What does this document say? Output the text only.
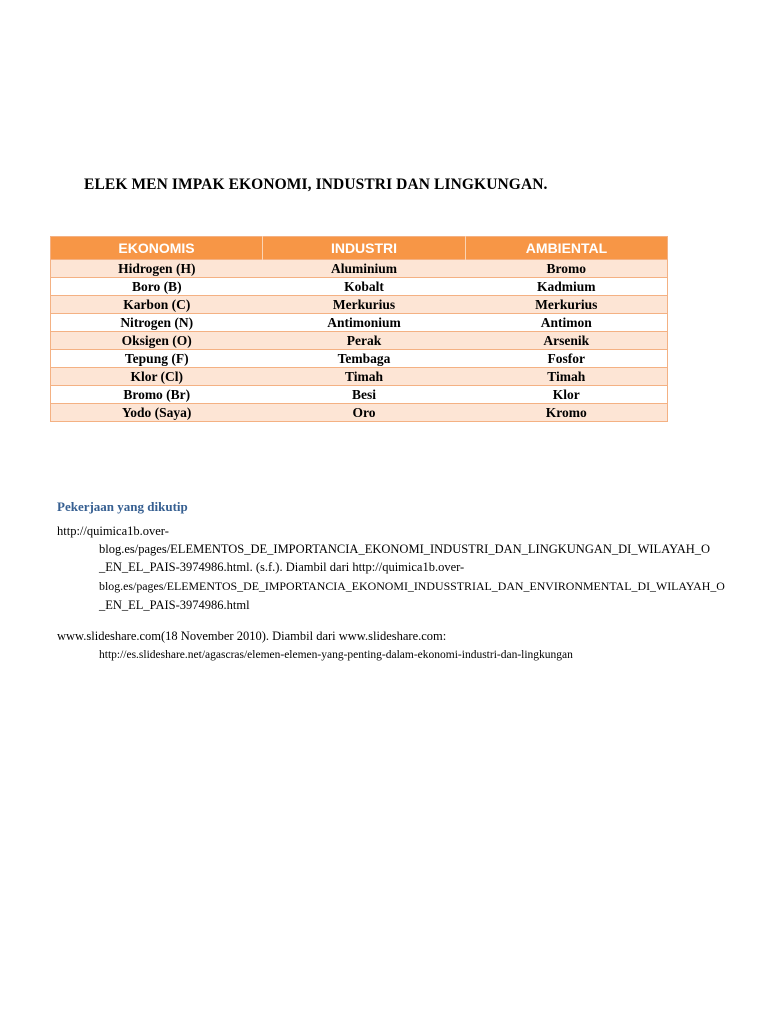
ELEK MEN IMPAK EKONOMI, INDUSTRI DAN LINGKUNGAN.
EKONOMIS	INDUSTRI	AMBIENTAL
Hidrogen (H)	Aluminium	Bromo
Boro (B)	Kobalt	Kadmium
Karbon (C)	Merkurius	Merkurius
Nitrogen (N)	Antimonium	Antimon
Oksigen (O)	Perak	Arsenik
Tepung (F)	Tembaga	Fosfor
Klor (Cl)	Timah	Timah
Bromo (Br)	Besi	Klor
Yodo (Saya)	Oro	Kromo
Pekerjaan yang dikutip
http://quimica1b.over-
blog.es/pages/ELEMENTOS_DE_IMPORTANCIA_EKONOMI_INDUSTRI_DAN_LINGKUNGAN_DI_WILAYAH_O
_EN_EL_PAIS-3974986.html. (s.f.). Diambil dari http://quimica1b.over-
blog.es/pages/ELEMENTOS_DE_IMPORTANCIA_EKONOMI_INDUSSTRIAL_DAN_ENVIRONMENTAL_DI_WILAYAH_O
_EN_EL_PAIS-3974986.html
www.slideshare.com(18 November 2010). Diambil dari www.slideshare.com:
http://es.slideshare.net/agascras/elemen-elemen-yang-penting-dalam-ekonomi-industri-dan-lingkungan
